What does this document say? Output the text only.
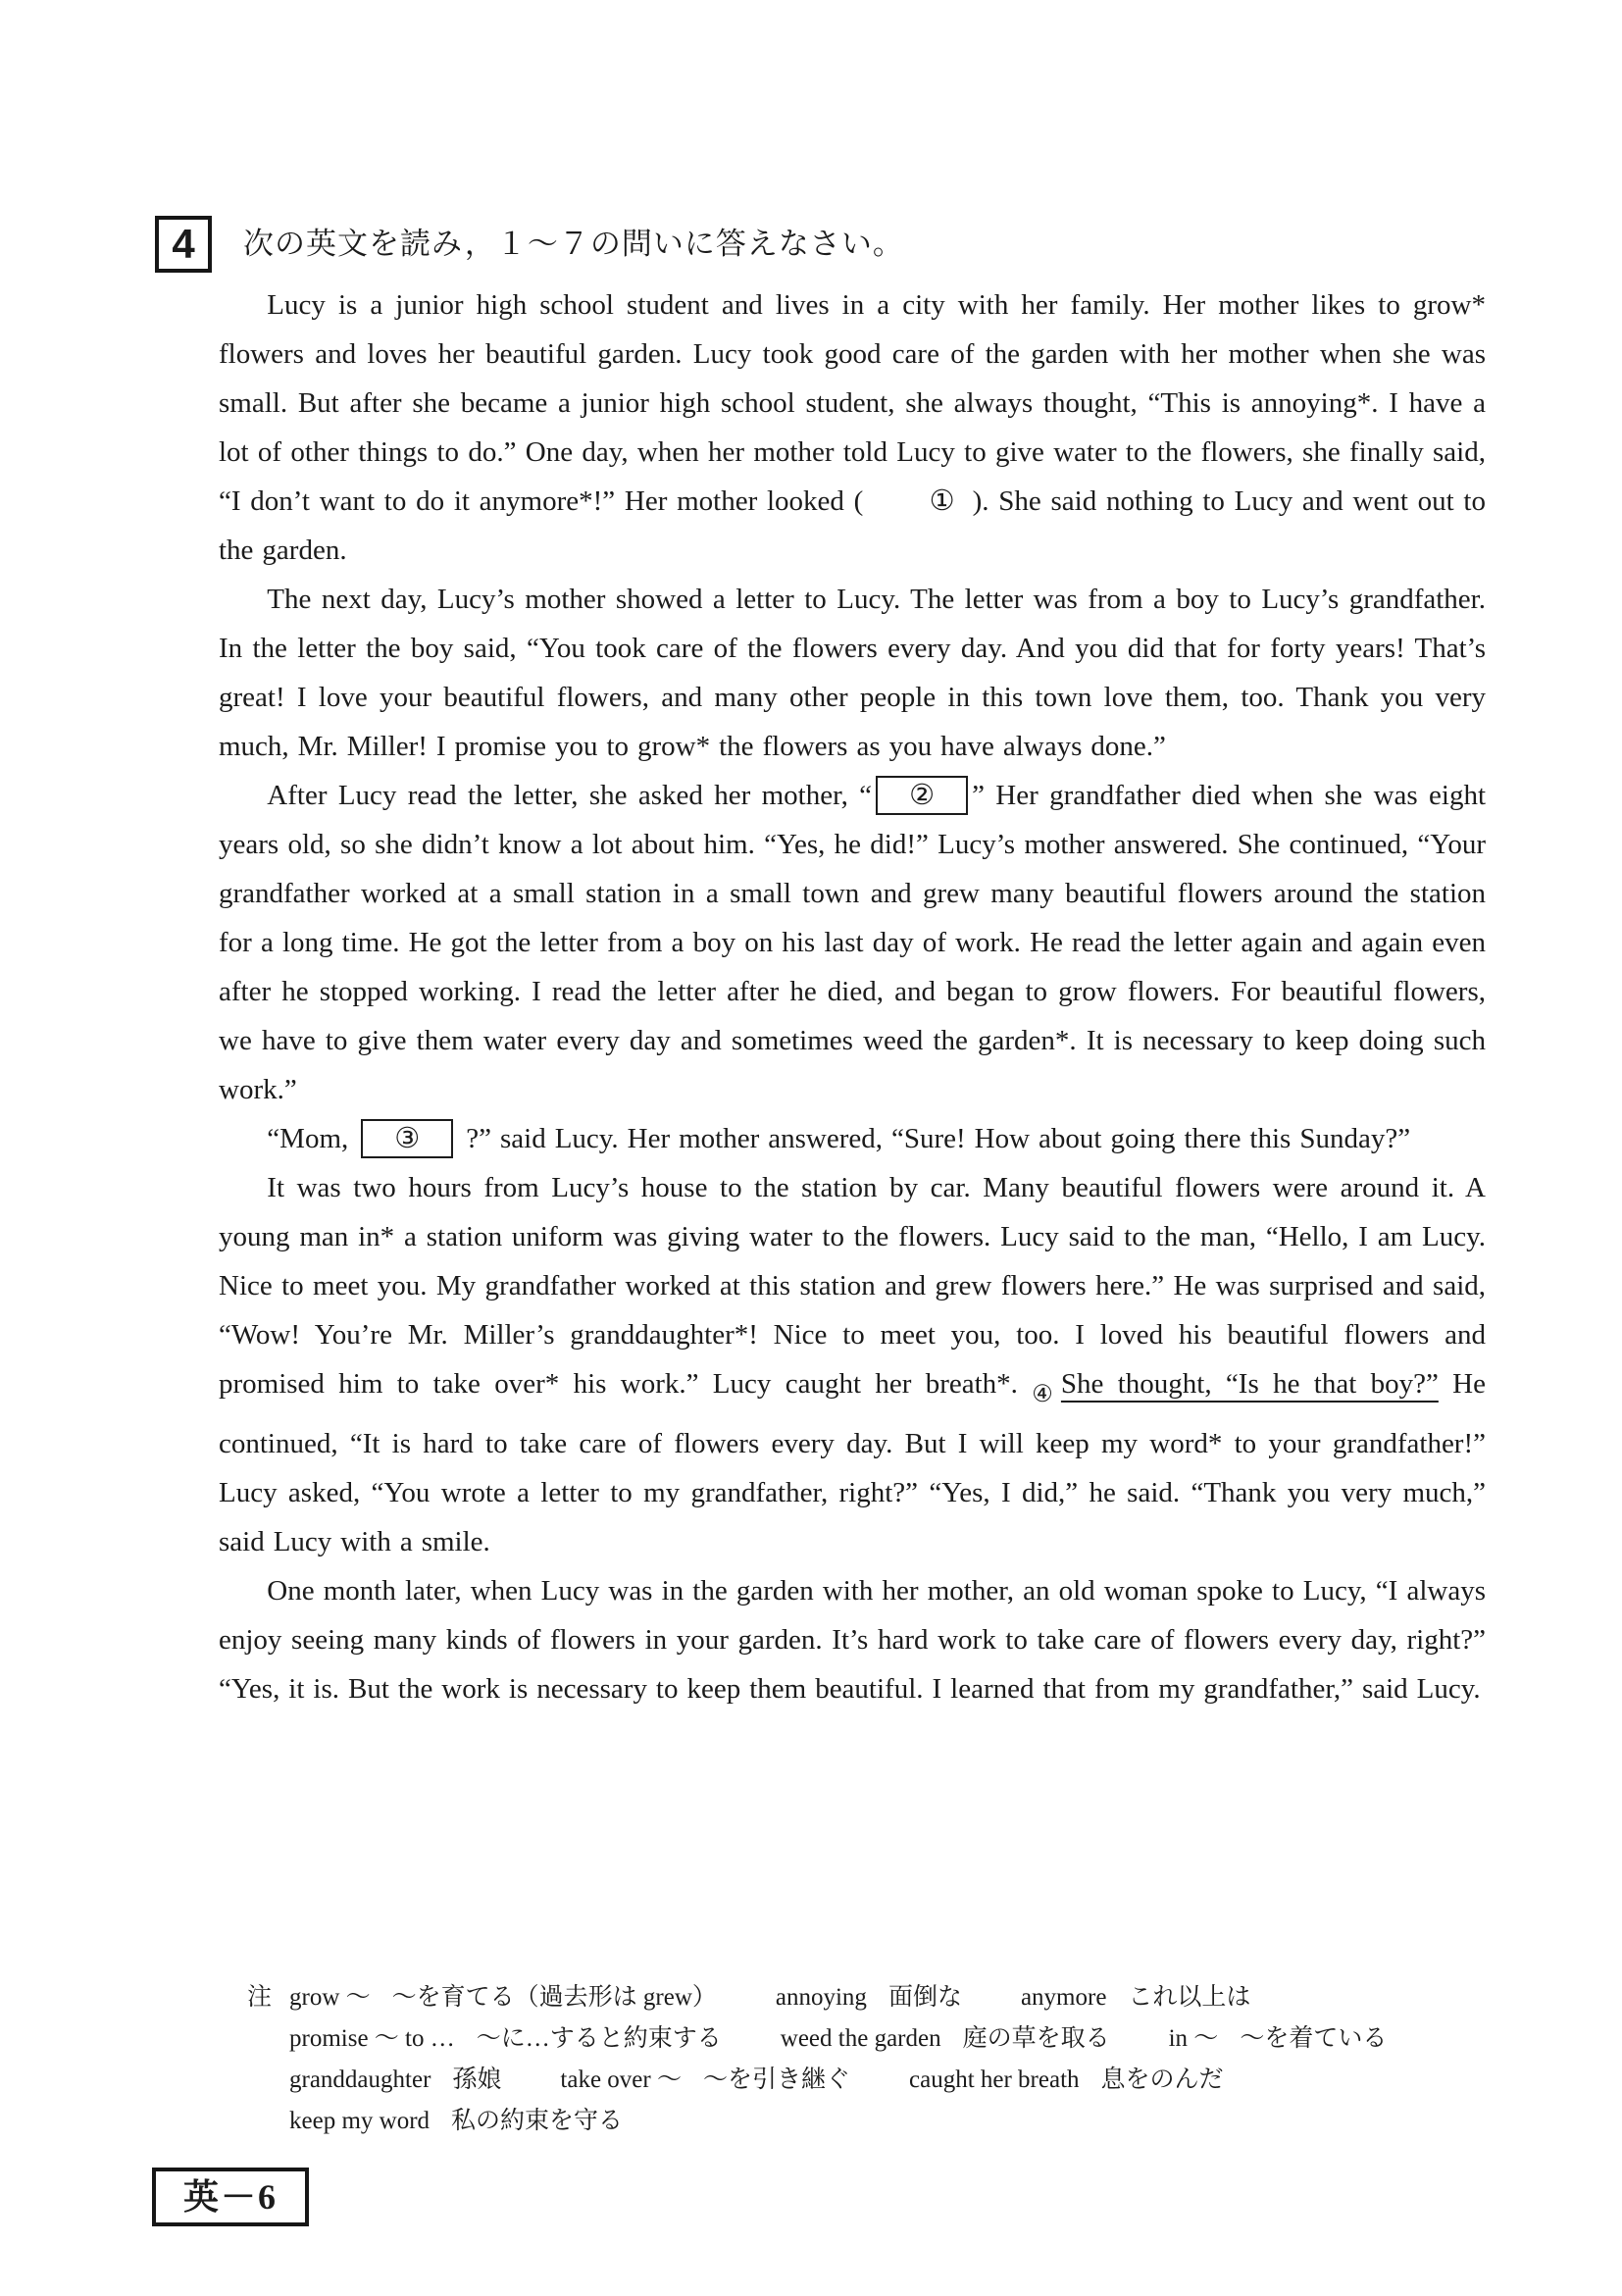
4 次の英文を読み，１～７の問いに答えなさい。

Lucy is a junior high school student and lives in a city with her family. Her mother likes to grow* flowers and loves her beautiful garden. Lucy took good care of the garden with her mother when she was small. But after she became a junior high school student, she always thought, “This is annoying*. I have a lot of other things to do.” One day, when her mother told Lucy to give water to the flowers, she finally said, “I don’t want to do it anymore*!” Her mother looked ( ① ). She said nothing to Lucy and went out to the garden.

The next day, Lucy’s mother showed a letter to Lucy. The letter was from a boy to Lucy’s grandfather. In the letter the boy said, “You took care of the flowers every day. And you did that for forty years! That’s great! I love your beautiful flowers, and many other people in this town love them, too. Thank you very much, Mr. Miller! I promise you to grow* the flowers as you have always done.”

After Lucy read the letter, she asked her mother, “ ② ” Her grandfather died when she was eight years old, so she didn’t know a lot about him. “Yes, he did!” Lucy’s mother answered. She continued, “Your grandfather worked at a small station in a small town and grew many beautiful flowers around the station for a long time. He got the letter from a boy on his last day of work. He read the letter again and again even after he stopped working. I read the letter after he died, and began to grow flowers. For beautiful flowers, we have to give them water every day and sometimes weed the garden*. It is necessary to keep doing such work.”

“Mom, ③ ?” said Lucy. Her mother answered, “Sure! How about going there this Sunday?”

It was two hours from Lucy’s house to the station by car. Many beautiful flowers were around it. A young man in* a station uniform was giving water to the flowers. Lucy said to the man, “Hello, I am Lucy. Nice to meet you. My grandfather worked at this station and grew flowers here.” He was surprised and said, “Wow! You’re Mr. Miller’s granddaughter*! Nice to meet you, too. I loved his beautiful flowers and promised him to take over* his work.” Lucy caught her breath*. $_④$ She thought, “Is he that boy?” He continued, “It is hard to take care of flowers every day. But I will keep my word* to your grandfather!” Lucy asked, “You wrote a letter to my grandfather, right?” “Yes, I did,” he said. “Thank you very much,” said Lucy with a smile.

One month later, when Lucy was in the garden with her mother, an old woman spoke to Lucy, “I always enjoy seeing many kinds of flowers in your garden. It’s hard work to take care of flowers every day, right?” “Yes, it is. But the work is necessary to keep them beautiful. I learned that from my grandfather,” said Lucy.

注 grow ～ ～を育てる（過去形は grew） annoying 面倒な anymore これ以上は
promise ～ to … ～に…すると約束する weed the garden 庭の草を取る in ～ ～を着ている
granddaughter 孫娘 take over ～ ～を引き継ぐ caught her breath 息をのんだ
keep my word 私の約束を守る
英－6
